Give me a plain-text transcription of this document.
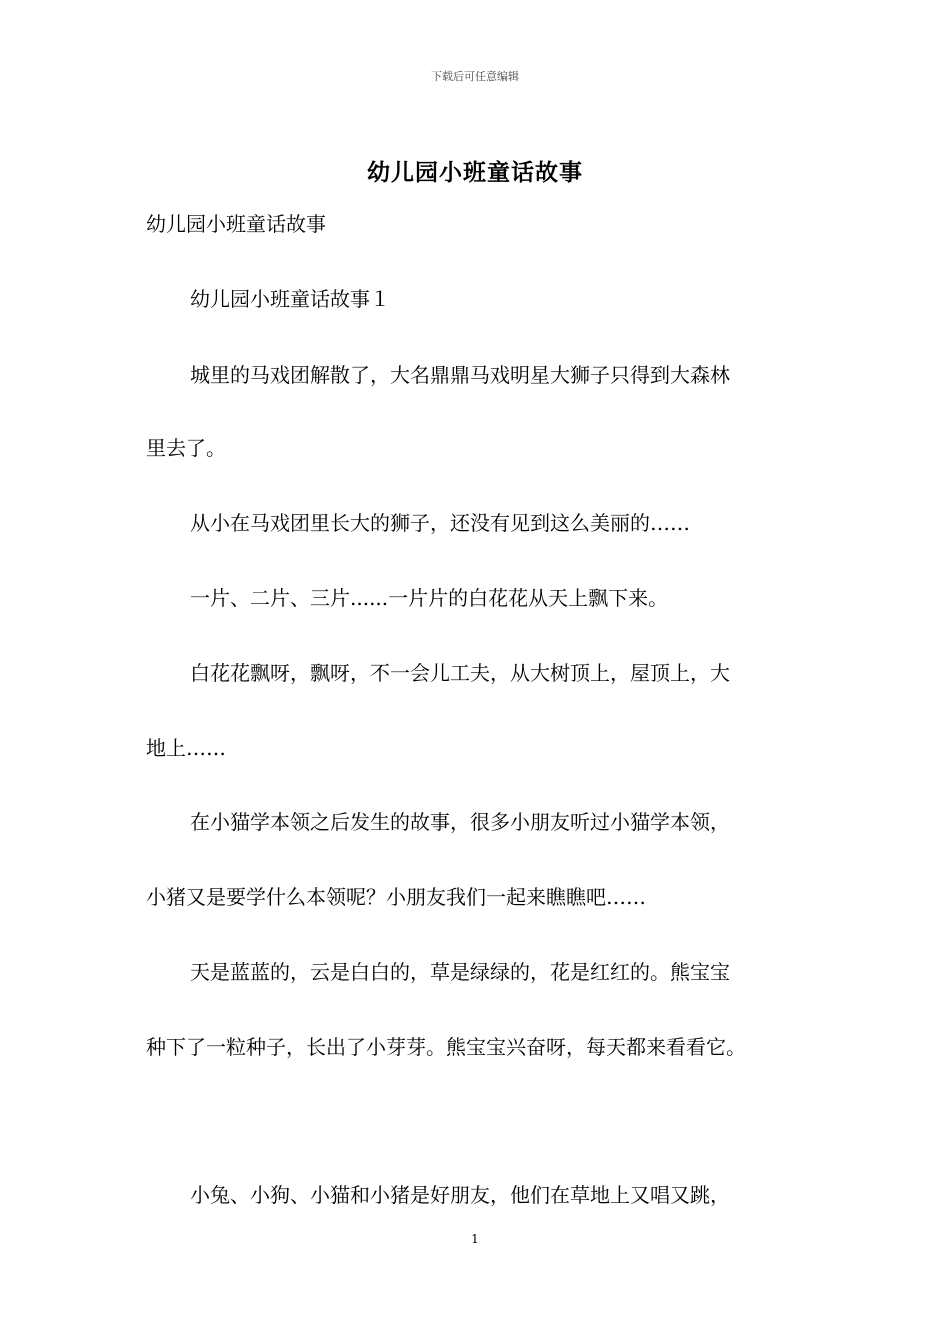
下载后可任意编辑
幼儿园小班童话故事
幼儿园小班童话故事
幼儿园小班童话故事１
城里的马戏团解散了，大名鼎鼎马戏明星大狮子只得到大森林
里去了。
从小在马戏团里长大的狮子，还没有见到这么美丽的……
一片、二片、三片......一片片的白花花从天上飘下来。
白花花飘呀，飘呀，不一会儿工夫，从大树顶上，屋顶上，大
地上……
在小猫学本领之后发生的故事，很多小朋友听过小猫学本领，
小猪又是要学什么本领呢？小朋友我们一起来瞧瞧吧……
天是蓝蓝的，云是白白的，草是绿绿的，花是红红的。熊宝宝
种下了一粒种子，长出了小芽芽。熊宝宝兴奋呀，每天都来看看它。
小兔、小狗、小猫和小猪是好朋友，他们在草地上又唱又跳，
1
